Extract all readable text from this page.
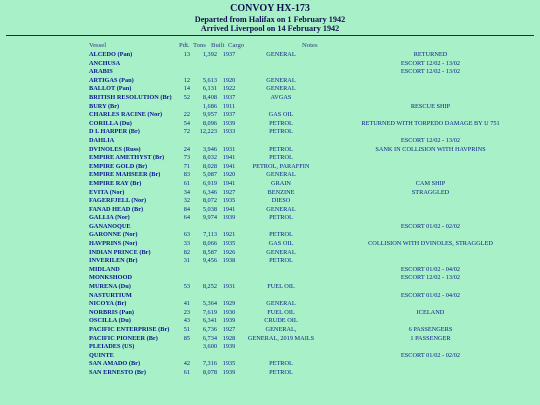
CONVOY HX-173
Departed from Halifax on 1 February 1942
Arrived Liverpool on 14 February 1942
Vessel	Pdt. Tons Built Cargo	Notes
ALCEDO (Pan)	13	1,392	1937	GENERAL	RETURNED
ANCHUSA					ESCORT 12/02 - 13/02
ARABIS					ESCORT 12/02 - 13/02
ARTIGAS (Pan)	12	5,613	1920	GENERAL	
BALLOT (Pan)	14	6,131	1922	GENERAL	
BRITISH RESOLUTION (Br)	52	8,408	1937	AVGAS	
BURY (Br)		1,686	1911		RESCUE SHIP
CHARLES RACINE (Nor)	22	9,957	1937	GAS OIL	
CORILLA (Du)	54	8,096	1939	PETROL	RETURNED WITH TORPEDO DAMAGE BY U 751
D L HARPER (Br)	72	12,223	1933	PETROL	
DAHLIA					ESCORT 12/02 - 13/02
DVINOLES (Russ)	24	3,946	1931	PETROL	SANK IN COLLISION WITH HAVPRINS
EMPIRE AMETHYST (Br)	73	8,032	1941	PETROL	
EMPIRE GOLD (Br)	71	8,028	1941	PETROL, PARAFFIN	
EMPIRE MAHSEER (Br)	83	5,087	1920	GENERAL	
EMPIRE RAY (Br)	61	6,919	1941	GRAIN	CAM SHIP
EVITA (Nor)	34	6,346	1927	BENZINE	STRAGGLED
FAGERFJELL (Nor)	32	8,072	1935	DIESO	
FANAD HEAD (Br)	84	5,038	1941	GENERAL	
GALLIA (Nor)	64	9,974	1939	PETROL	
GANANOQUE					ESCORT 01/02 - 02/02
GARONNE (Nor)	63	7,113	1921	PETROL	
HAVPRINS (Nor)	33	8,066	1935	GAS OIL	COLLISION WITH DVINOLES, STRAGGLED
INDIAN PRINCE (Br)	82	8,587	1926	GENERAL	
INVERILEN (Br)	31	9,456	1938	PETROL	
MIDLAND					ESCORT 01/02 - 04/02
MONKSHOOD					ESCORT 12/02 - 13/02
MURENA (Du)	53	8,252	1931	FUEL OIL	
NASTURTIUM					ESCORT 01/02 - 04/02
NICOYA (Br)	41	5,364	1929	GENERAL	
NORBRIS (Pan)	23	7,619	1930	FUEL OIL	ICELAND
OSCILLA (Du)	43	6,341	1939	CRUDE OIL	
PACIFIC ENTERPRISE (Br)	51	6,736	1927	GENERAL,	6 PASSENGERS
PACIFIC PIONEER (Br)	85	6,734	1928	GENERAL, 2019 MAILS	1 PASSENGER
PLEIADES (US)		3,600	1939		
QUINTE					ESCORT 01/02 - 02/02
SAN AMADO (Br)	42	7,316	1935	PETROL	
SAN ERNESTO (Br)	61	8,078	1939	PETROL	
